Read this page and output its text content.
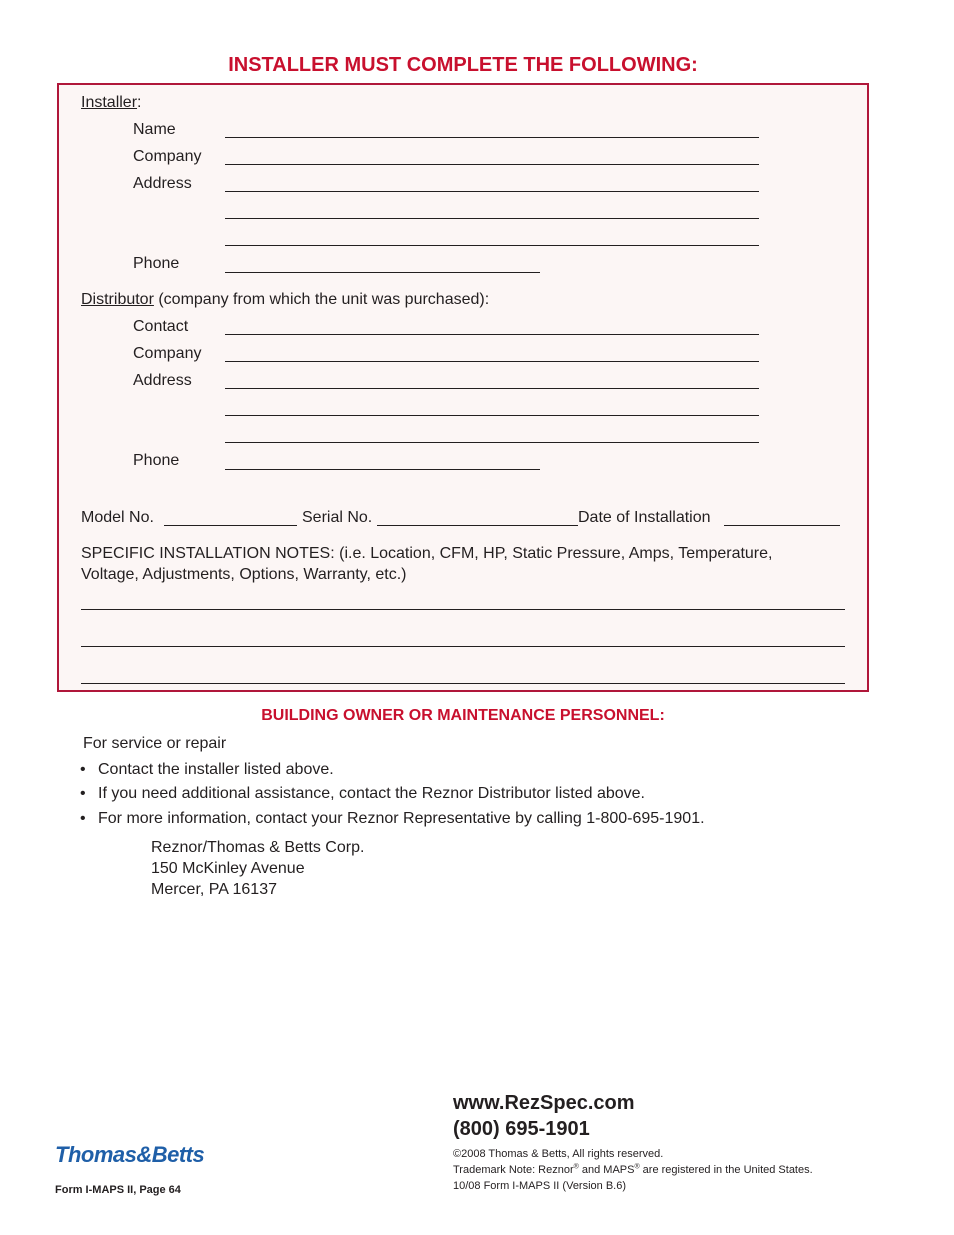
INSTALLER MUST COMPLETE THE FOLLOWING:
Installer:
Name
Company
Address
Phone
Distributor (company from which the unit was purchased):
Contact
Company
Address
Phone
Model No.	Serial No.	Date of Installation
SPECIFIC INSTALLATION NOTES: (i.e. Location, CFM, HP, Static Pressure, Amps, Temperature,
Voltage, Adjustments, Options, Warranty, etc.)
BUILDING OWNER OR MAINTENANCE PERSONNEL:
For service or repair
• Contact the installer listed above.
• If you need additional assistance, contact the Reznor Distributor listed above.
• For more information, contact your Reznor Representative by calling 1-800-695-1901.
Reznor/Thomas & Betts Corp.
150 McKinley Avenue
Mercer, PA 16137
www.RezSpec.com
(800) 695-1901
©2008 Thomas & Betts, All rights reserved.
Trademark Note: Reznor® and MAPS® are registered in the United States.
10/08 Form I-MAPS II (Version B.6)
Thomas&Betts
Form I-MAPS II, Page 64
